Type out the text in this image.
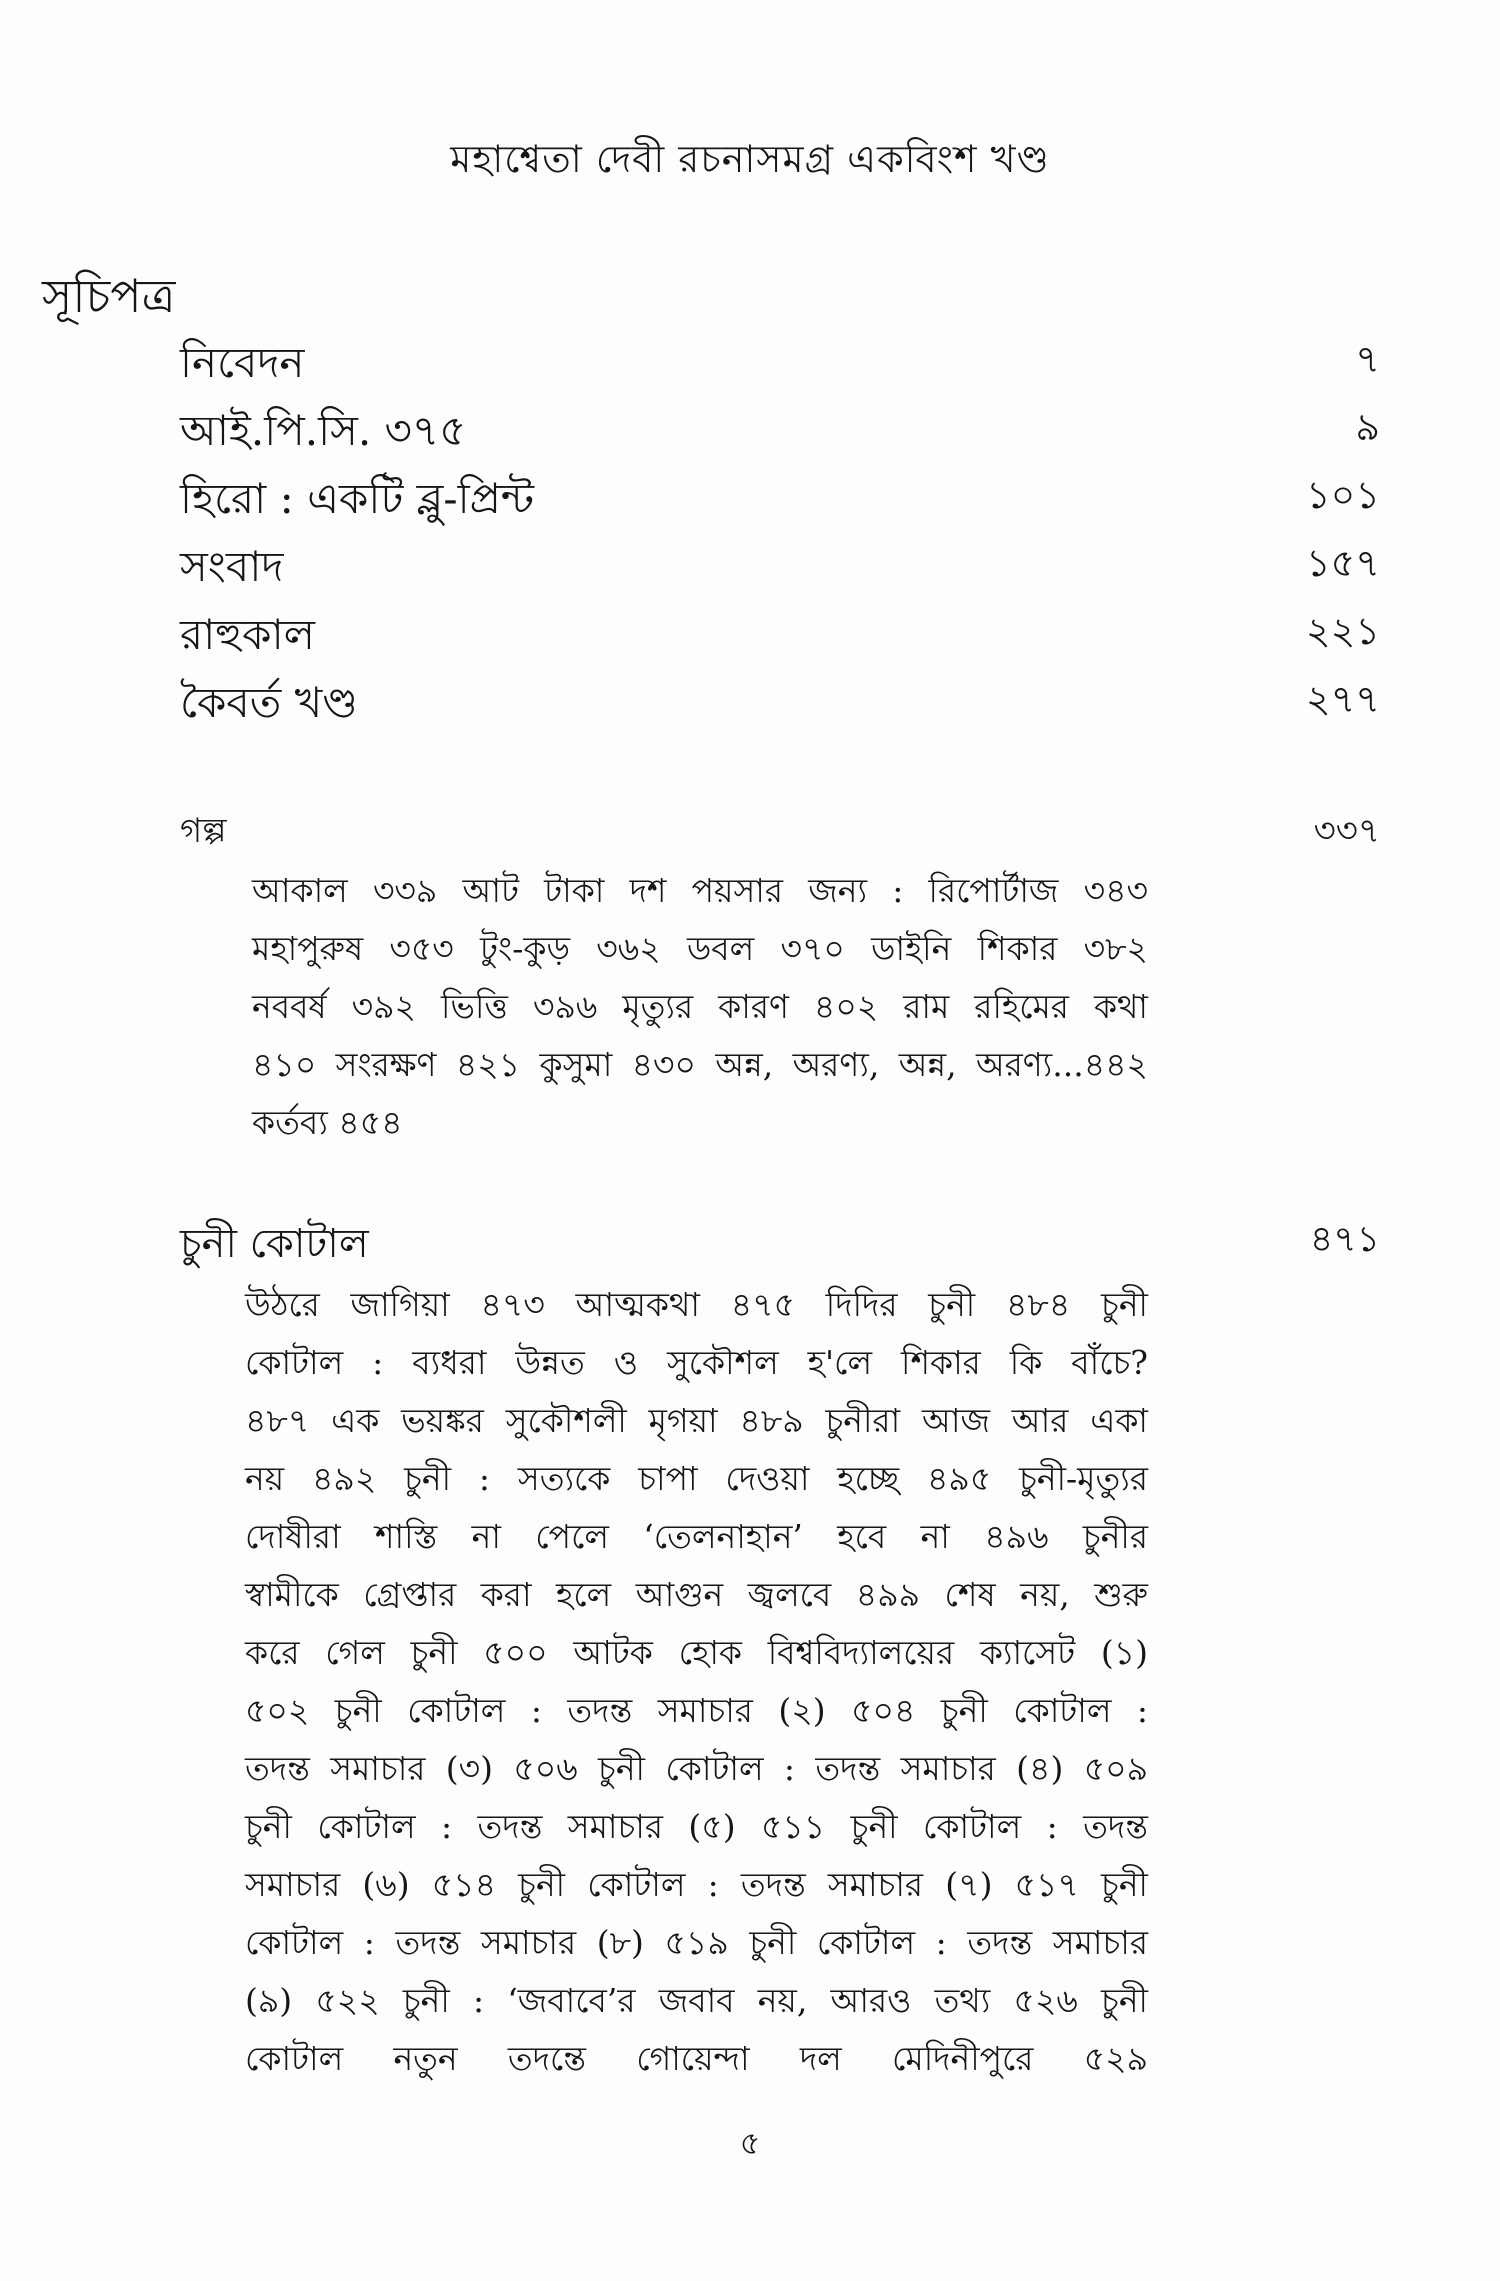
মহাশ্বেতা দেবী রচনাসমগ্র একবিংশ খণ্ড
সূচিপত্র
নিবেদন	৭
আই.পি.সি. ৩৭৫	৯
হিরো : একটি ব্লু-প্রিন্ট	১০১
সংবাদ	১৫৭
রাহুকাল	২২১
কৈবর্ত খণ্ড	২৭৭
গল্প	৩৩৭
আকাল ৩৩৯ আট টাকা দশ পয়সার জন্য : রিপোর্টাজ ৩৪৩
মহাপুরুষ ৩৫৩ টুং-কুড় ৩৬২ ডবল ৩৭০ ডাইনি শিকার ৩৮২
নববর্ষ ৩৯২ ভিত্তি ৩৯৬ মৃত্যুর কারণ ৪০২ রাম রহিমের কথা
৪১০ সংরক্ষণ ৪২১ কুসুমা ৪৩০ অন্ন, অরণ্য, অন্ন, অরণ্য...৪৪২
কর্তব্য ৪৫৪
চুনী কোটাল	৪৭১
উঠরে জাগিয়া ৪৭৩ আত্মকথা ৪৭৫ দিদির চুনী ৪৮৪ চুনী
কোটাল : ব্যধরা উন্নত ও সুকৌশল হ'লে শিকার কি বাঁচে?
৪৮৭ এক ভয়ঙ্কর সুকৌশলী মৃগয়া ৪৮৯ চুনীরা আজ আর একা
নয় ৪৯২ চুনী : সত্যকে চাপা দেওয়া হচ্ছে ৪৯৫ চুনী-মৃত্যুর
দোষীরা শাস্তি না পেলে ‘তেলনাহান’ হবে না ৪৯৬ চুনীর
স্বামীকে গ্রেপ্তার করা হলে আগুন জ্বলবে ৪৯৯ শেষ নয়, শুরু
করে গেল চুনী ৫০০ আটক হোক বিশ্ববিদ্যালয়ের ক্যাসেট (১)
৫০২ চুনী কোটাল : তদন্ত সমাচার (২) ৫০৪ চুনী কোটাল :
তদন্ত সমাচার (৩) ৫০৬ চুনী কোটাল : তদন্ত সমাচার (৪) ৫০৯
চুনী কোটাল : তদন্ত সমাচার (৫) ৫১১ চুনী কোটাল : তদন্ত
সমাচার (৬) ৫১৪ চুনী কোটাল : তদন্ত সমাচার (৭) ৫১৭ চুনী
কোটাল : তদন্ত সমাচার (৮) ৫১৯ চুনী কোটাল : তদন্ত সমাচার
(৯) ৫২২ চুনী : ‘জবাবে’র জবাব নয়, আরও তথ্য ৫২৬ চুনী
কোটাল নতুন তদন্তে গোয়েন্দা দল মেদিনীপুরে ৫২৯
৫
